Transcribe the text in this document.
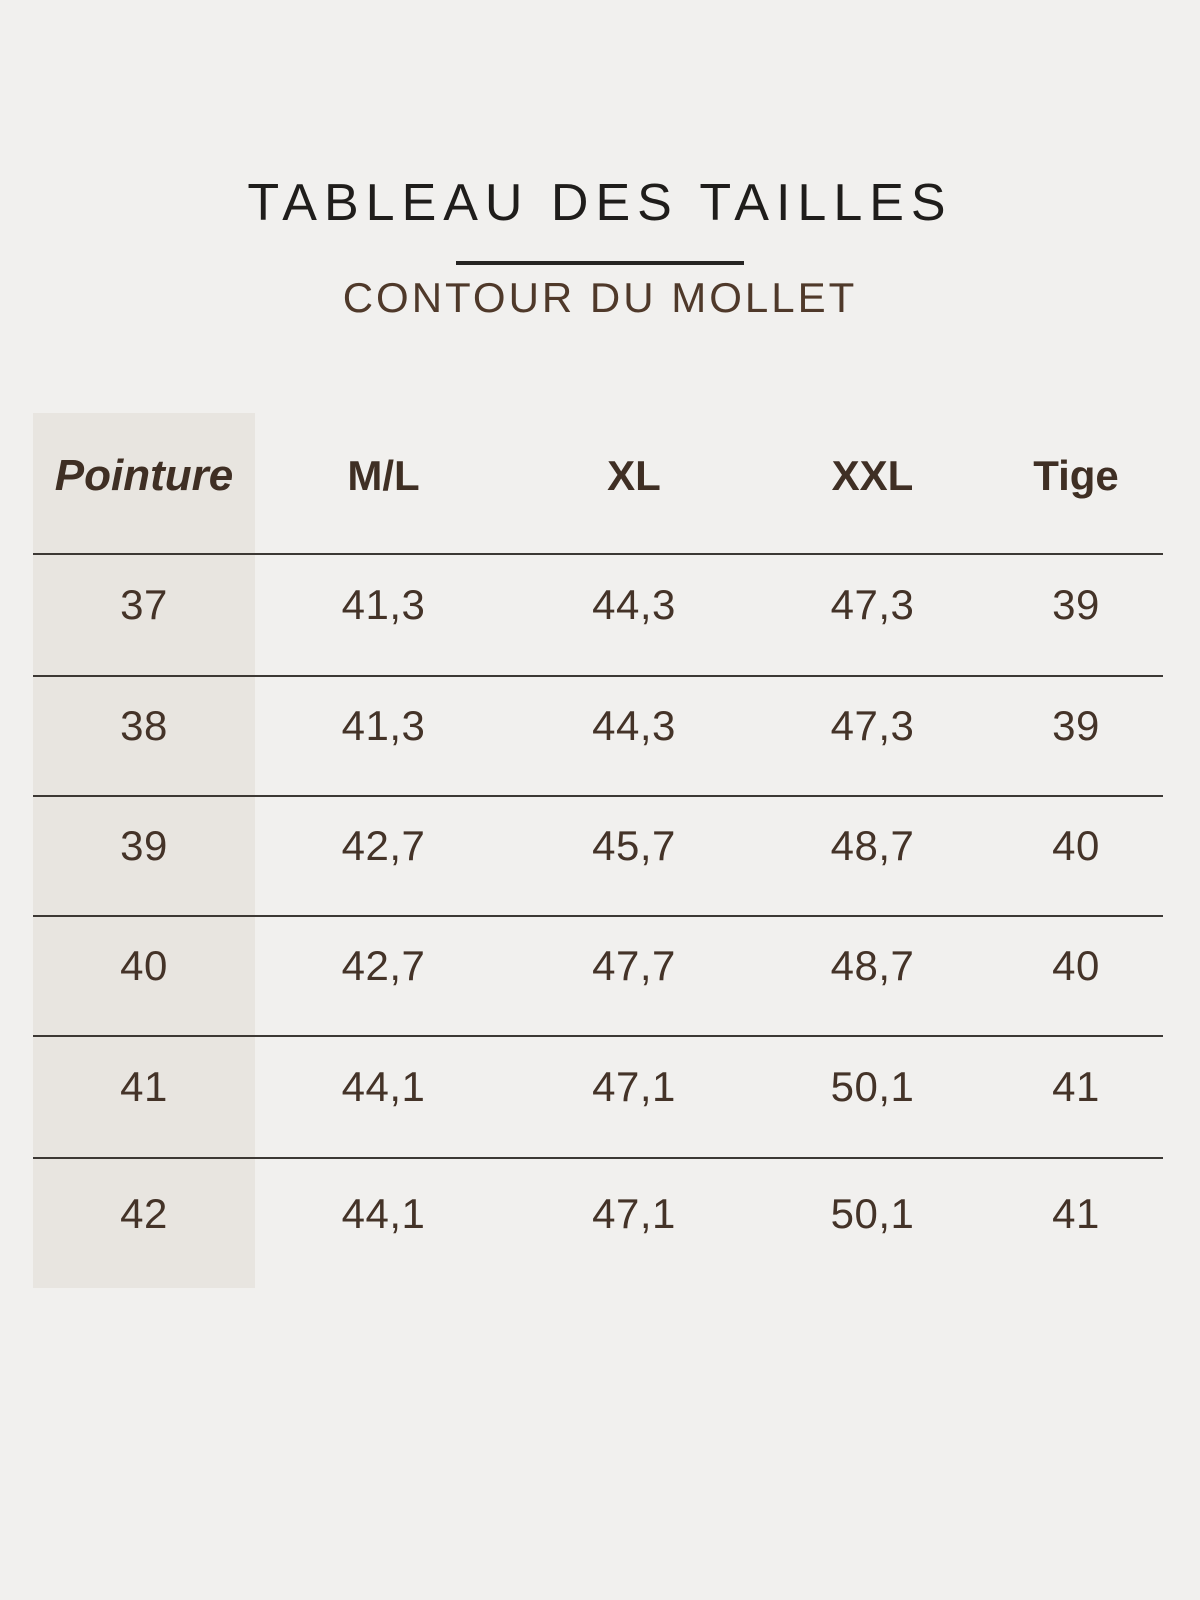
TABLEAU DES TAILLES
CONTOUR DU MOLLET
Pointure	M/L	XL	XXL	Tige
37	41,3	44,3	47,3	39
38	41,3	44,3	47,3	39
39	42,7	45,7	48,7	40
40	42,7	47,7	48,7	40
41	44,1	47,1	50,1	41
42	44,1	47,1	50,1	41
